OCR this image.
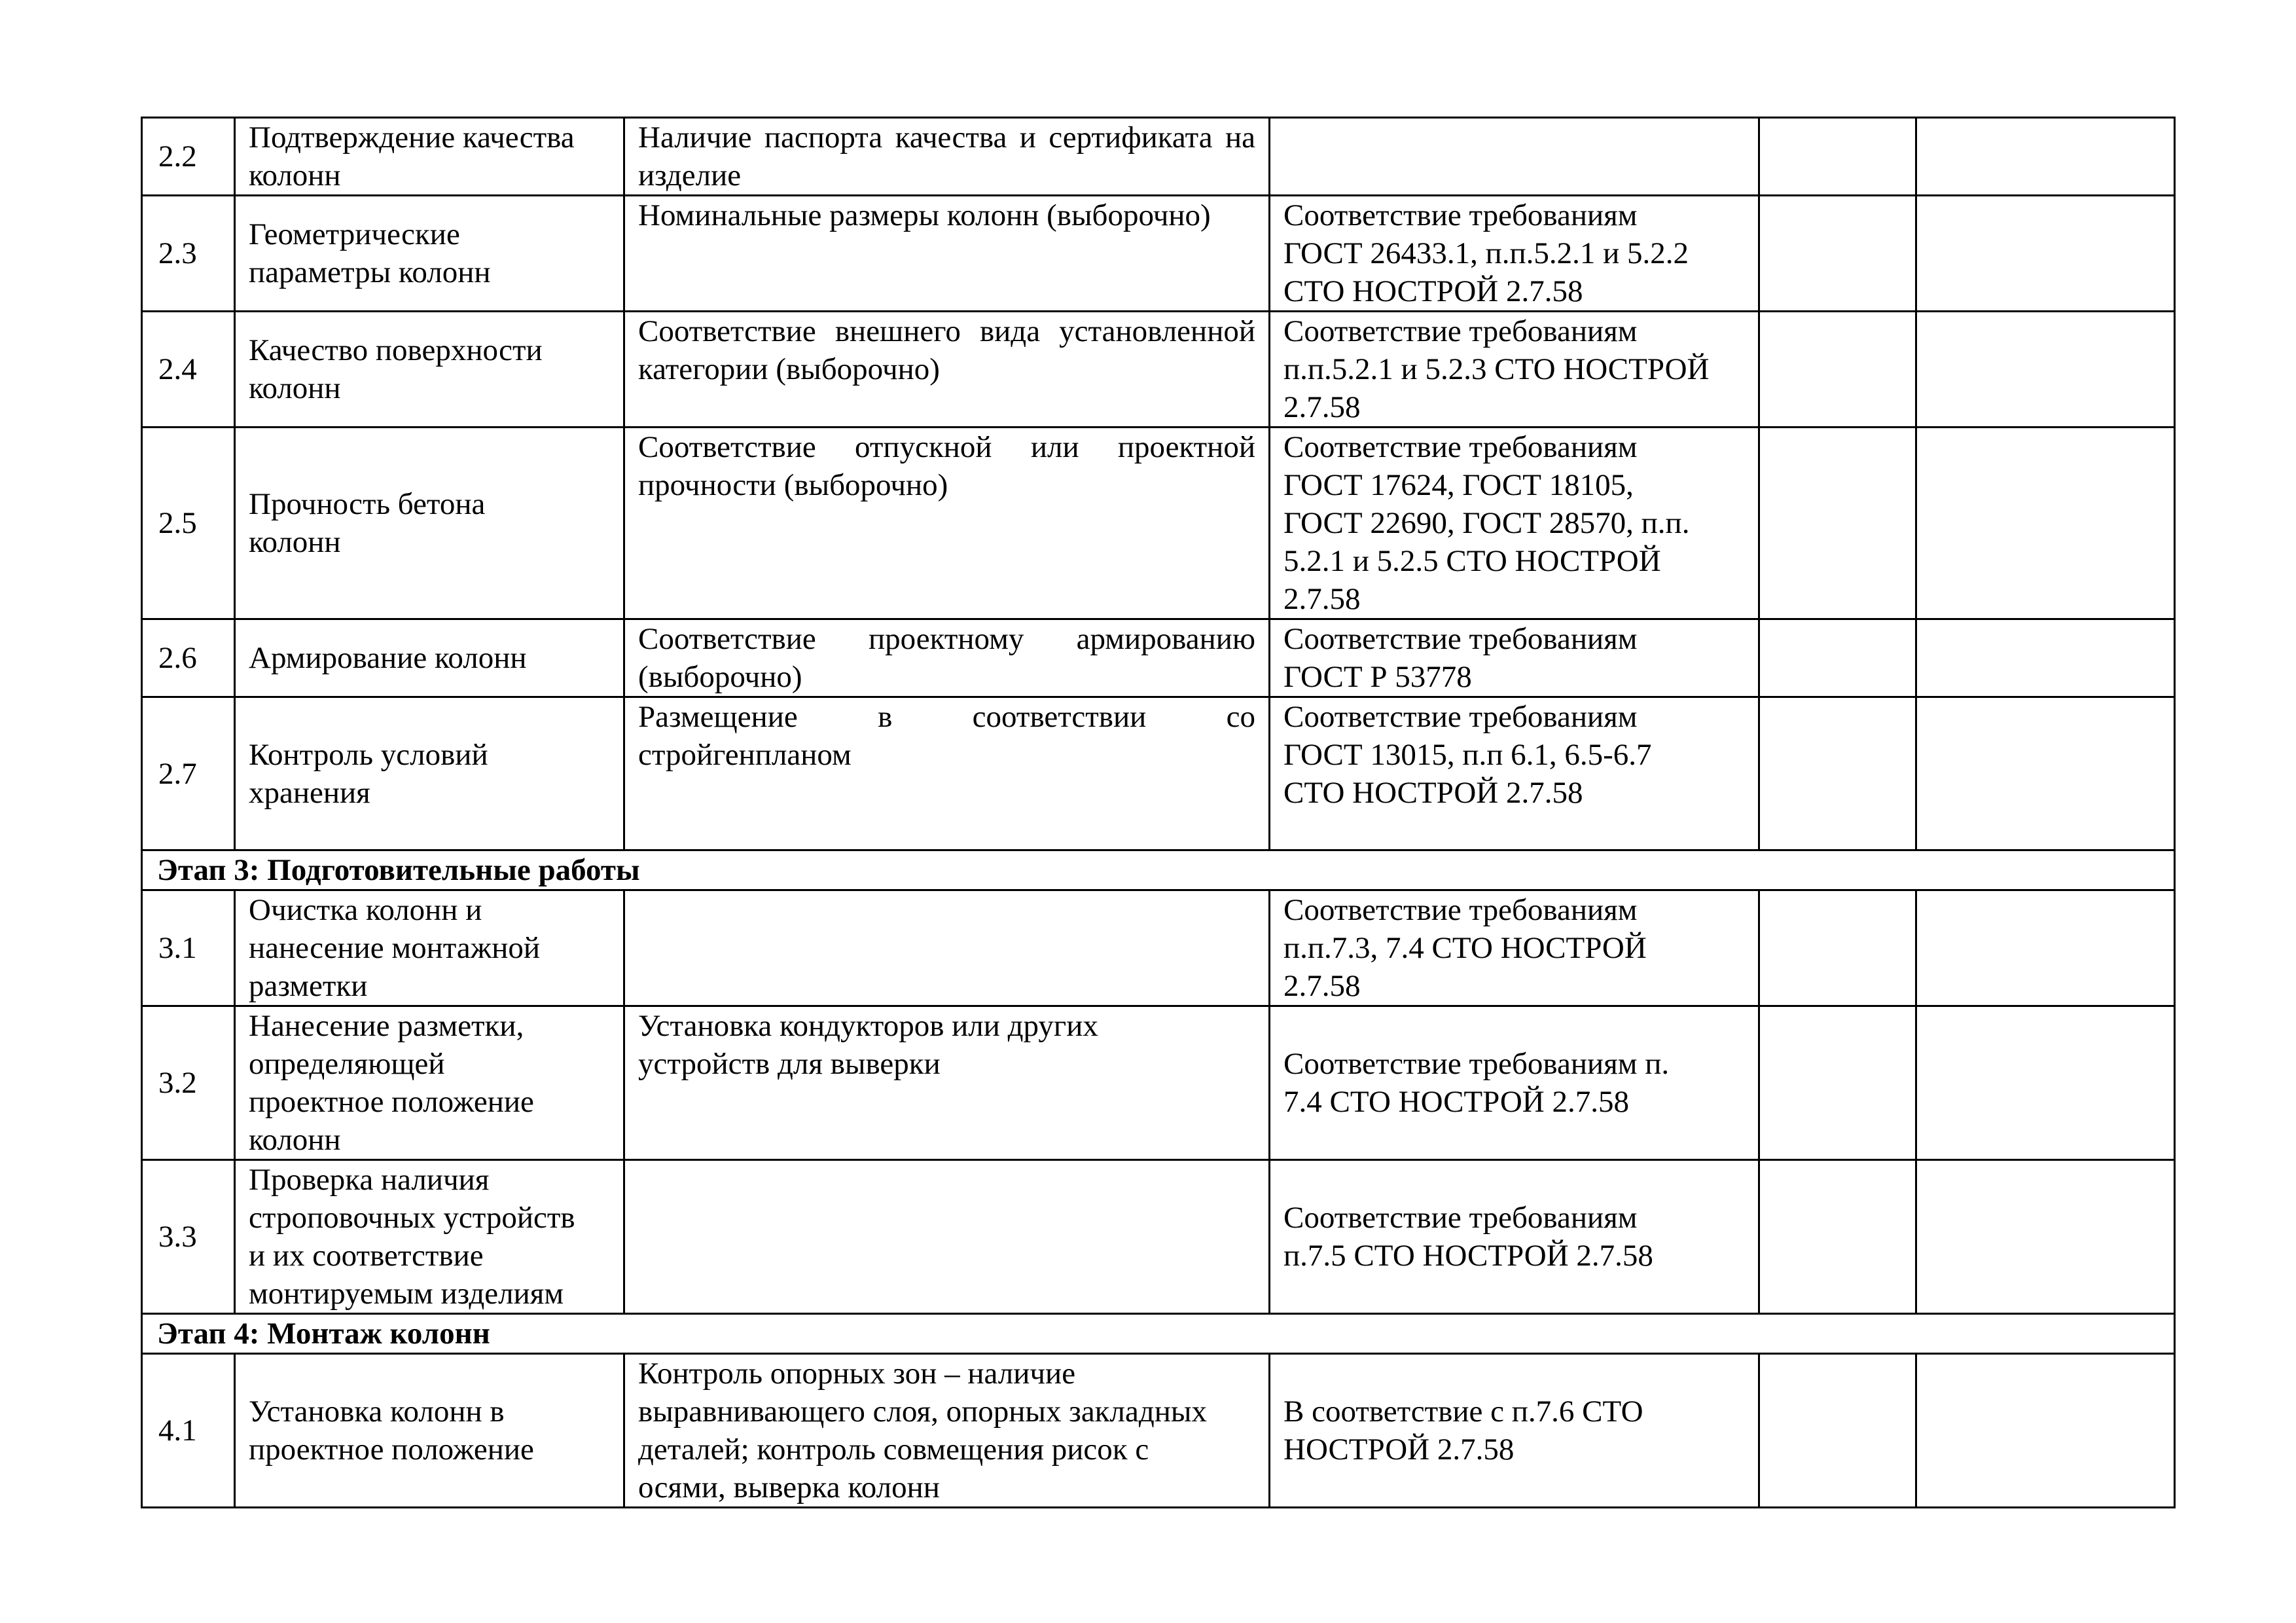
2.2	Подтверждение качества
колонн	Наличие паспорта качества и сертификата на изделие	

2.3	Геометрические
параметры колонн	Номинальные размеры колонн (выборочно)	Соответствие требованиям
ГОСТ 26433.1, п.п.5.2.1 и 5.2.2
СТО НОСТРОЙ 2.7.58		

2.4	Качество поверхности
колонн	Соответствие внешнего вида установленной категории (выборочно)	Соответствие требованиям
п.п.5.2.1 и 5.2.3 СТО НОСТРОЙ
2.7.58		

2.5	Прочность бетона
колонн	Соответствие отпускной или проектной прочности (выборочно)	Соответствие требованиям
ГОСТ 17624, ГОСТ 18105,
ГОСТ 22690, ГОСТ 28570, п.п.
5.2.1 и 5.2.5 СТО НОСТРОЙ
2.7.58		

2.6	Армирование колонн	Соответствие проектному армированию (выборочно)	Соответствие требованиям
ГОСТ Р 53778		

2.7	Контроль условий
хранения	Размещение в соответствии со стройгенпланом	Соответствие требованиям
ГОСТ 13015, п.п 6.1, 6.5-6.7
СТО НОСТРОЙ 2.7.58		

Этап 3: Подготовительные работы					

3.1	Очистка колонн и
нанесение монтажной
разметки		Соответствие требованиям
п.п.7.3, 7.4 СТО НОСТРОЙ
2.7.58		

3.2	Нанесение разметки,
определяющей
проектное положение
колонн	Установка кондукторов или других
устройств для выверки	Соответствие требованиям п.
7.4 СТО НОСТРОЙ 2.7.58		

3.3	Проверка наличия
строповочных устройств
и их соответствие
монтируемым изделиям		Соответствие требованиям
п.7.5 СТО НОСТРОЙ 2.7.58		

Этап 4: Монтаж колонн					

4.1	Установка колонн в
проектное положение	Контроль опорных зон – наличие
выравнивающего слоя, опорных закладных
деталей; контроль совмещения рисок с
осями, выверка колонн	В соответствие с п.7.6 СТО
НОСТРОЙ 2.7.58		
